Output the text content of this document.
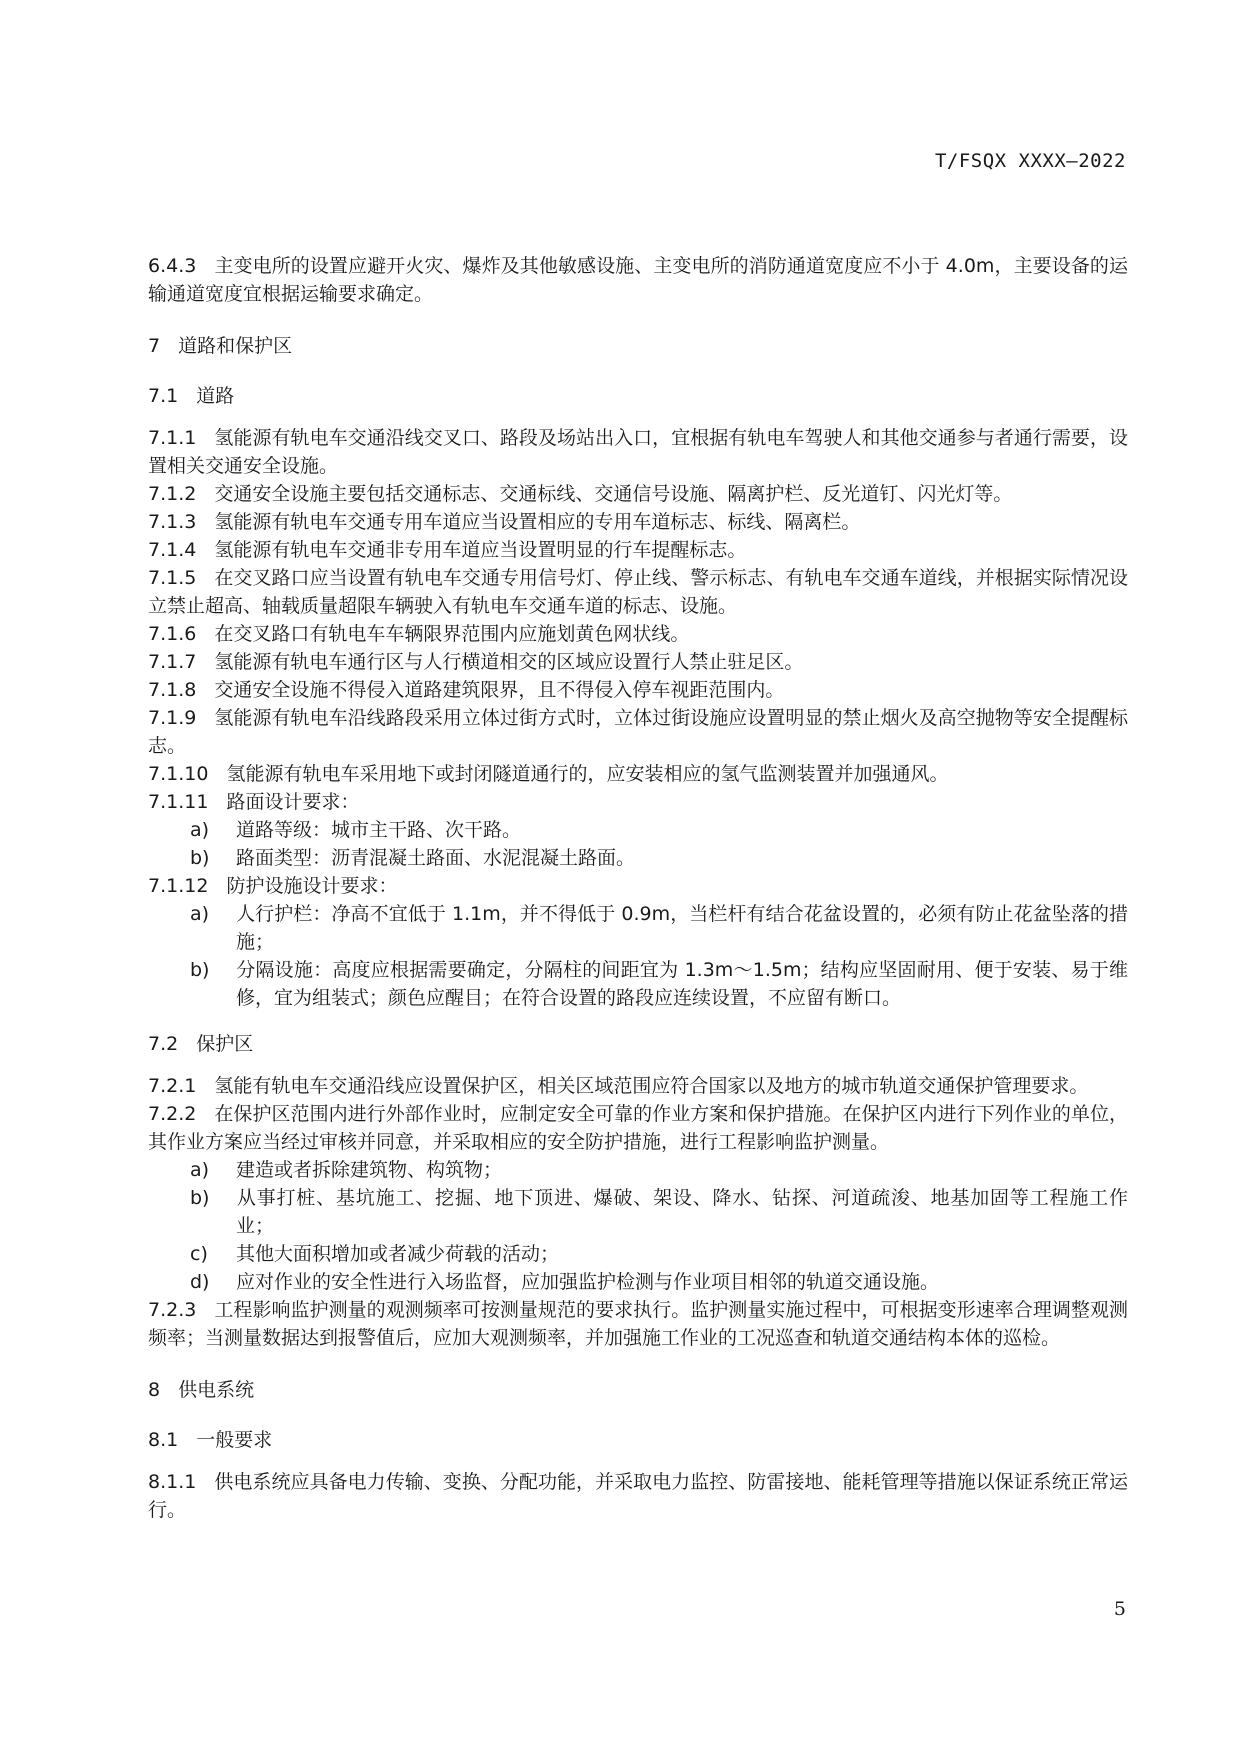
T/FSQX XXXX—2022

6.4.3 主变电所的设置应避开火灾、爆炸及其他敏感设施、主变电所的消防通道宽度应不小于 4.0m，主要设备的运输通道宽度宜根据运输要求确定。

7 道路和保护区
7.1 道路

7.1.1 氢能源有轨电车交通沿线交叉口、路段及场站出入口，宜根据有轨电车驾驶人和其他交通参与者通行需要，设置相关交通安全设施。

7.1.2 交通安全设施主要包括交通标志、交通标线、交通信号设施、隔离护栏、反光道钉、闪光灯等。

7.1.3 氢能源有轨电车交通专用车道应当设置相应的专用车道标志、标线、隔离栏。

7.1.4 氢能源有轨电车交通非专用车道应当设置明显的行车提醒标志。

7.1.5 在交叉路口应当设置有轨电车交通专用信号灯、停止线、警示标志、有轨电车交通车道线，并根据实际情况设立禁止超高、轴载质量超限车辆驶入有轨电车交通车道的标志、设施。

7.1.6 在交叉路口有轨电车车辆限界范围内应施划黄色网状线。

7.1.7 氢能源有轨电车通行区与人行横道相交的区域应设置行人禁止驻足区。

7.1.8 交通安全设施不得侵入道路建筑限界，且不得侵入停车视距范围内。

7.1.9 氢能源有轨电车沿线路段采用立体过街方式时，立体过街设施应设置明显的禁止烟火及高空抛物等安全提醒标志。

7.1.10 氢能源有轨电车采用地下或封闭隧道通行的，应安装相应的氢气监测装置并加强通风。

7.1.11 路面设计要求：

a) 道路等级：城市主干路、次干路。

b) 路面类型：沥青混凝土路面、水泥混凝土路面。

7.1.12 防护设施设计要求：

a) 人行护栏：净高不宜低于 1.1m，并不得低于 0.9m，当栏杆有结合花盆设置的，必须有防止花盆坠落的措施；

b) 分隔设施：高度应根据需要确定，分隔柱的间距宜为 1.3m～1.5m；结构应坚固耐用、便于安装、易于维修，宜为组装式；颜色应醒目；在符合设置的路段应连续设置，不应留有断口。

7.2 保护区

7.2.1 氢能有轨电车交通沿线应设置保护区，相关区域范围应符合国家以及地方的城市轨道交通保护管理要求。

7.2.2 在保护区范围内进行外部作业时，应制定安全可靠的作业方案和保护措施。在保护区内进行下列作业的单位，其作业方案应当经过审核并同意，并采取相应的安全防护措施，进行工程影响监护测量。

a) 建造或者拆除建筑物、构筑物；

b) 从事打桩、基坑施工、挖掘、地下顶进、爆破、架设、降水、钻探、河道疏浚、地基加固等工程施工作业；

c) 其他大面积增加或者减少荷载的活动；

d) 应对作业的安全性进行入场监督，应加强监护检测与作业项目相邻的轨道交通设施。

7.2.3 工程影响监护测量的观测频率可按测量规范的要求执行。监护测量实施过程中，可根据变形速率合理调整观测频率；当测量数据达到报警值后，应加大观测频率，并加强施工作业的工况巡查和轨道交通结构本体的巡检。

8 供电系统
8.1 一般要求

8.1.1 供电系统应具备电力传输、变换、分配功能，并采取电力监控、防雷接地、能耗管理等措施以保证系统正常运行。

5
